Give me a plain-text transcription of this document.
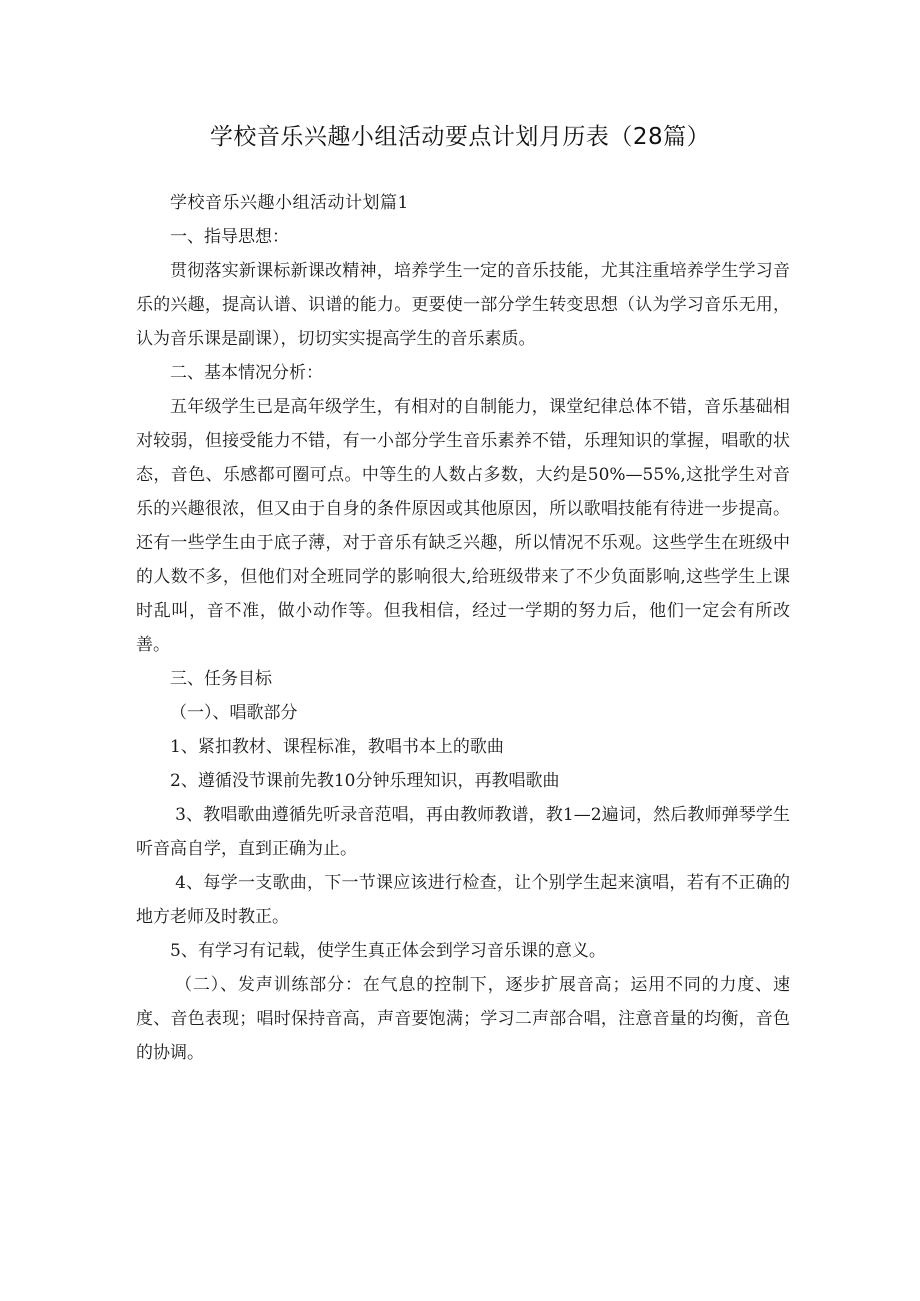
学校音乐兴趣小组活动要点计划月历表（28篇）

学校音乐兴趣小组活动计划篇1

一、指导思想：

贯彻落实新课标新课改精神，培养学生一定的音乐技能，尤其注重培养学生学习音乐的兴趣，提高认谱、识谱的能力。更要使一部分学生转变思想（认为学习音乐无用，认为音乐课是副课），切切实实提高学生的音乐素质。

二、基本情况分析：

五年级学生已是高年级学生，有相对的自制能力，课堂纪律总体不错，音乐基础相对较弱，但接受能力不错，有一小部分学生音乐素养不错，乐理知识的掌握，唱歌的状态，音色、乐感都可圈可点。中等生的人数占多数，大约是50%—55%,这批学生对音乐的兴趣很浓，但又由于自身的条件原因或其他原因，所以歌唱技能有待进一步提高。还有一些学生由于底子薄，对于音乐有缺乏兴趣，所以情况不乐观。这些学生在班级中的人数不多，但他们对全班同学的影响很大,给班级带来了不少负面影响,这些学生上课时乱叫，音不准，做小动作等。但我相信，经过一学期的努力后，他们一定会有所改善。

三、任务目标

（一）、唱歌部分

1、紧扣教材、课程标准，教唱书本上的歌曲

2、遵循没节课前先教10分钟乐理知识，再教唱歌曲

3、教唱歌曲遵循先听录音范唱，再由教师教谱，教1—2遍词，然后教师弹琴学生听音高自学，直到正确为止。

4、每学一支歌曲，下一节课应该进行检查，让个别学生起来演唱，若有不正确的地方老师及时教正。

5、有学习有记载，使学生真正体会到学习音乐课的意义。

（二）、发声训练部分：在气息的控制下，逐步扩展音高；运用不同的力度、速度、音色表现；唱时保持音高，声音要饱满；学习二声部合唱，注意音量的均衡，音色的协调。
